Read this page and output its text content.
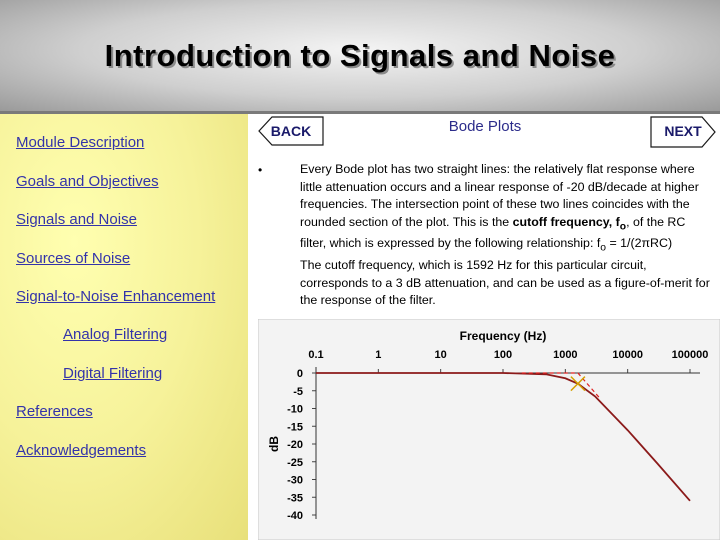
Introduction to Signals and Noise
Module Description
Goals and Objectives
Signals and Noise
Sources of Noise
Signal-to-Noise Enhancement
Analog Filtering
Digital Filtering
References
Acknowledgements
BACK	Bode Plots	NEXT
•	Every Bode plot has two straight lines: the relatively flat response where little attenuation occurs and a linear response of -20 dB/decade at higher frequencies. The intersection point of these two lines coincides with the rounded section of the plot. This is the cutoff frequency, $f_o$, of the RC filter, which is expressed by the following relationship: $f_o = 1/(2\pi RC)$

The cutoff frequency, which is 1592 Hz for this particular circuit, corresponds to a 3 dB attenuation, and can be used as a figure-of-merit for the response of the filter.

Frequency (Hz)
0.1	1	10	100	1000	10000	100000
0
-5
-10
-15
-20
-25
-30
-35
-40
dB
